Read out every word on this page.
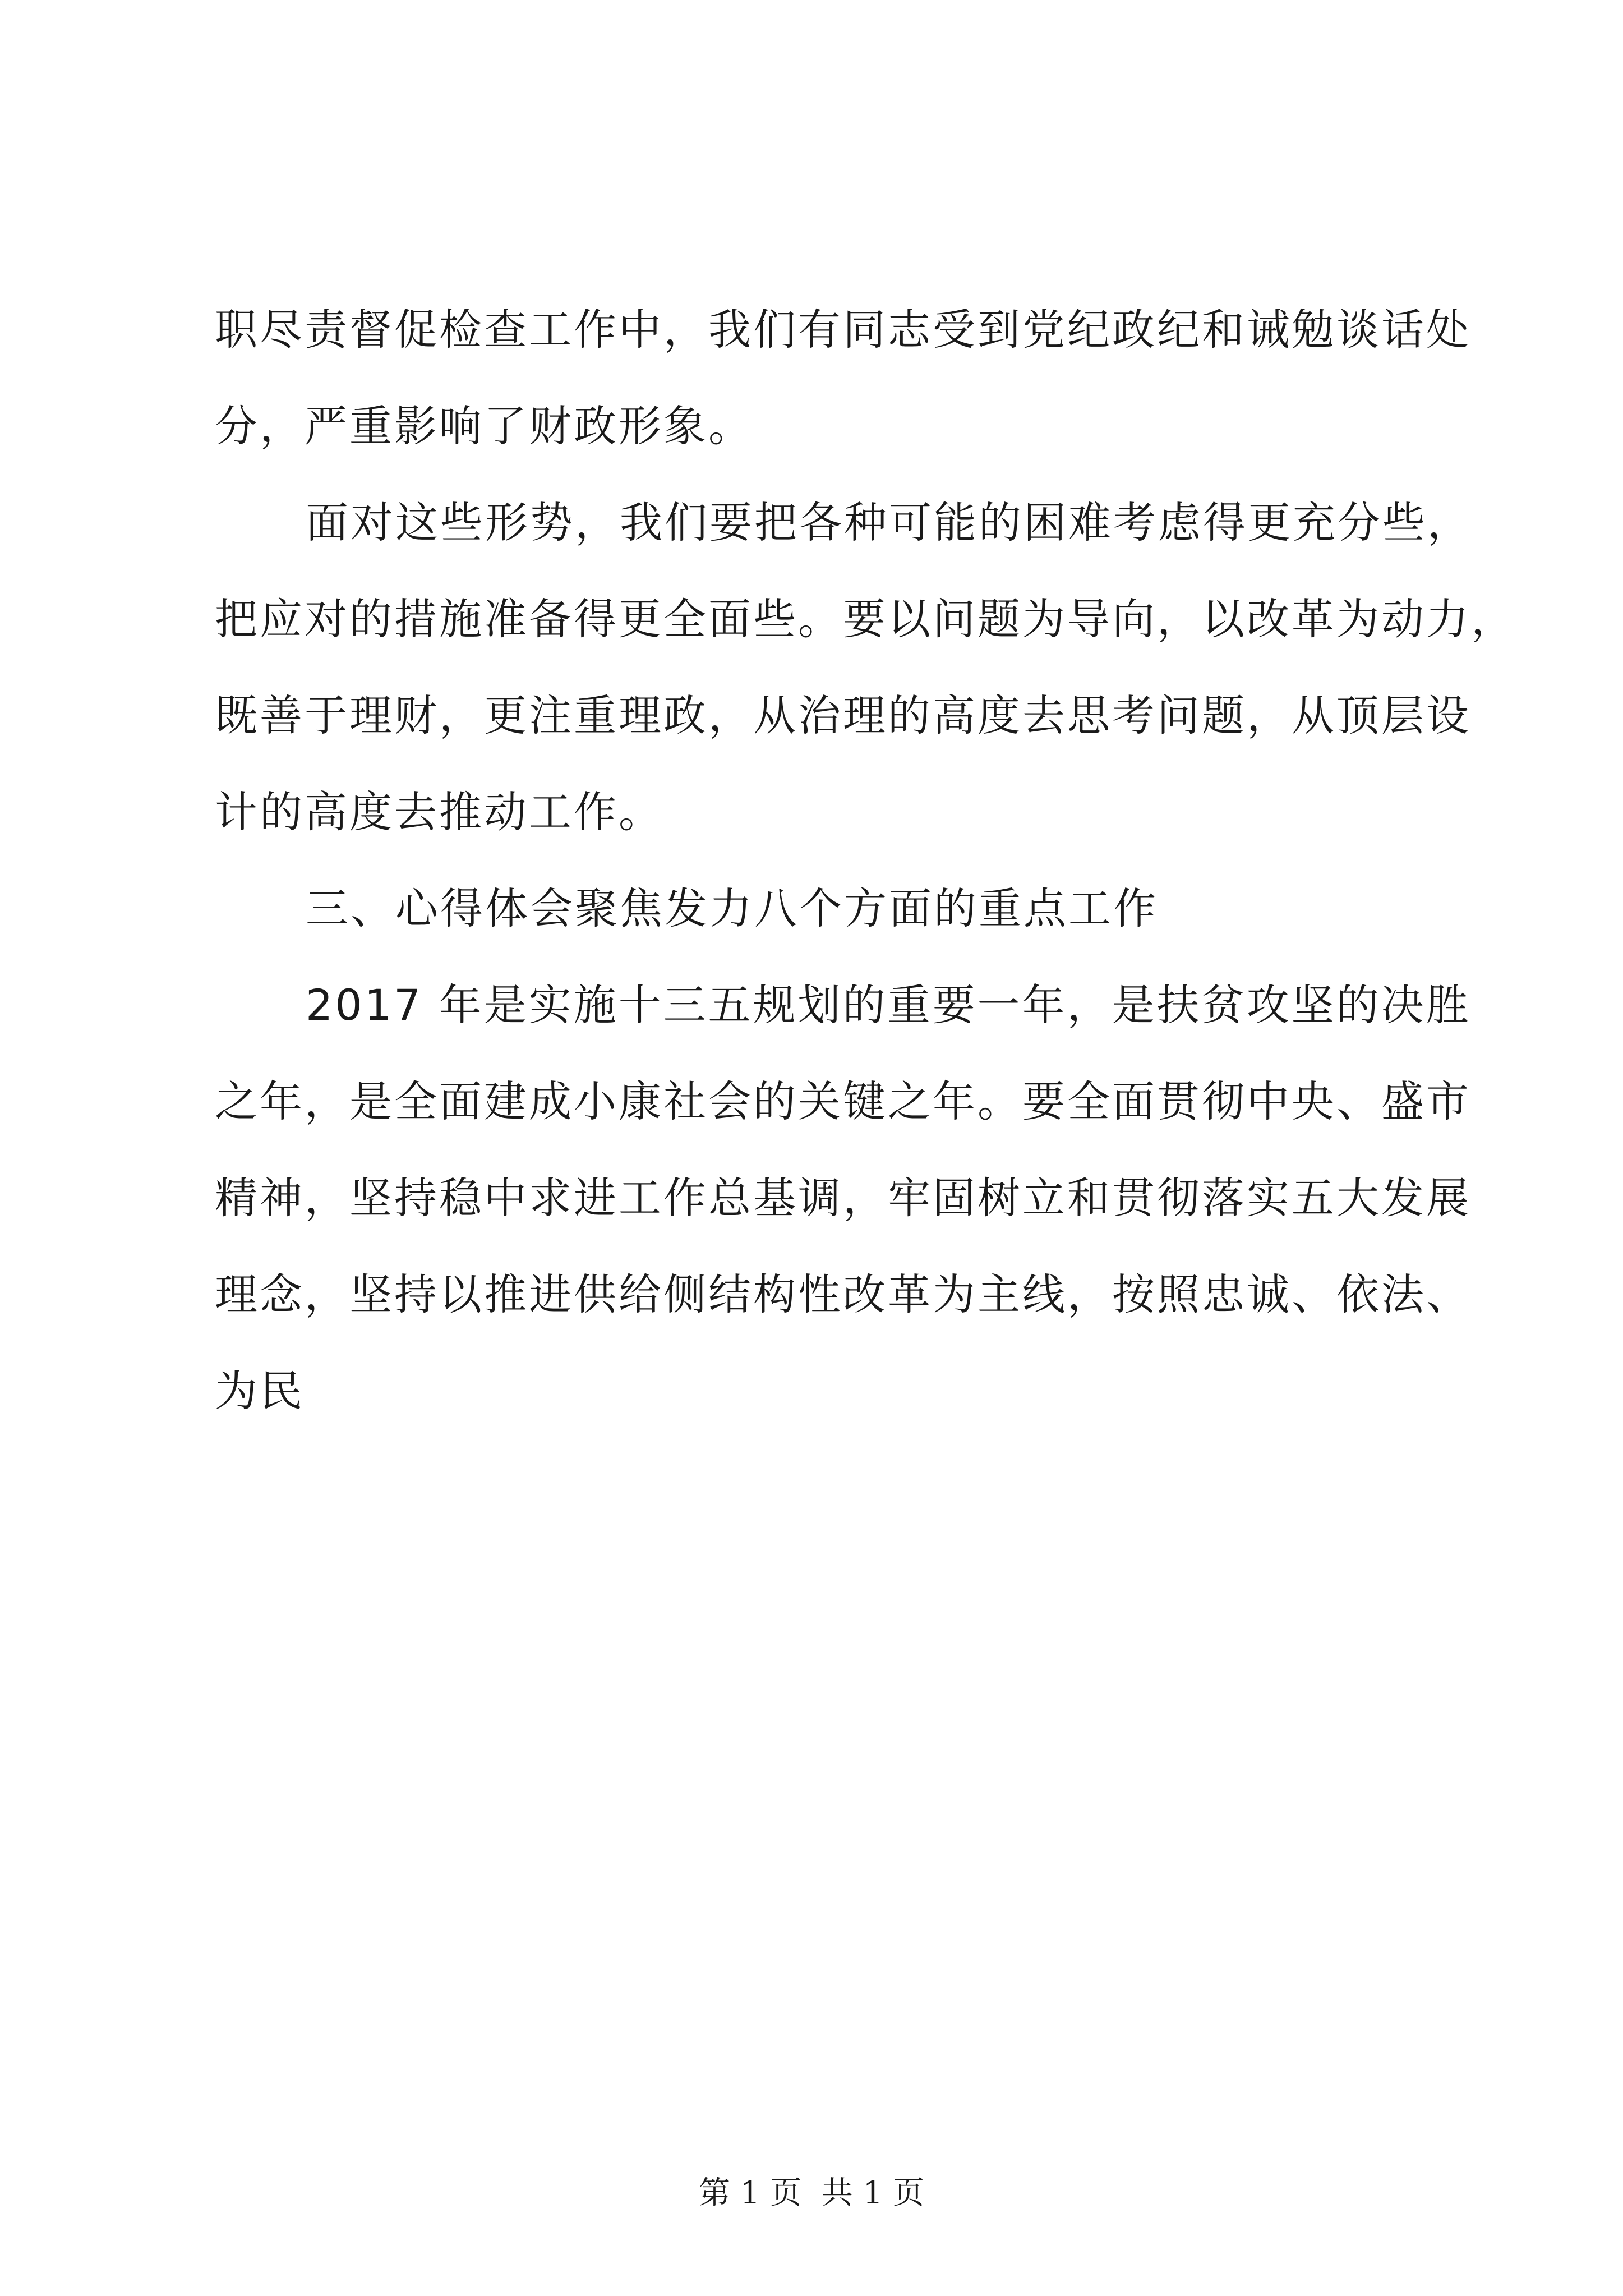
职尽责督促检查工作中，我们有同志受到党纪政纪和诫勉谈话处
分，严重影响了财政形象。
面对这些形势，我们要把各种可能的困难考虑得更充分些，
把应对的措施准备得更全面些。要以问题为导向，以改革为动力，
既善于理财，更注重理政，从治理的高度去思考问题，从顶层设
计的高度去推动工作。
三、心得体会聚焦发力八个方面的重点工作
2017 年是实施十三五规划的重要一年，是扶贫攻坚的决胜
之年，是全面建成小康社会的关键之年。要全面贯彻中央、盛市
精神，坚持稳中求进工作总基调，牢固树立和贯彻落实五大发展
理念，坚持以推进供给侧结构性改革为主线，按照忠诚、依法、
为民
第 1 页  共 1 页
